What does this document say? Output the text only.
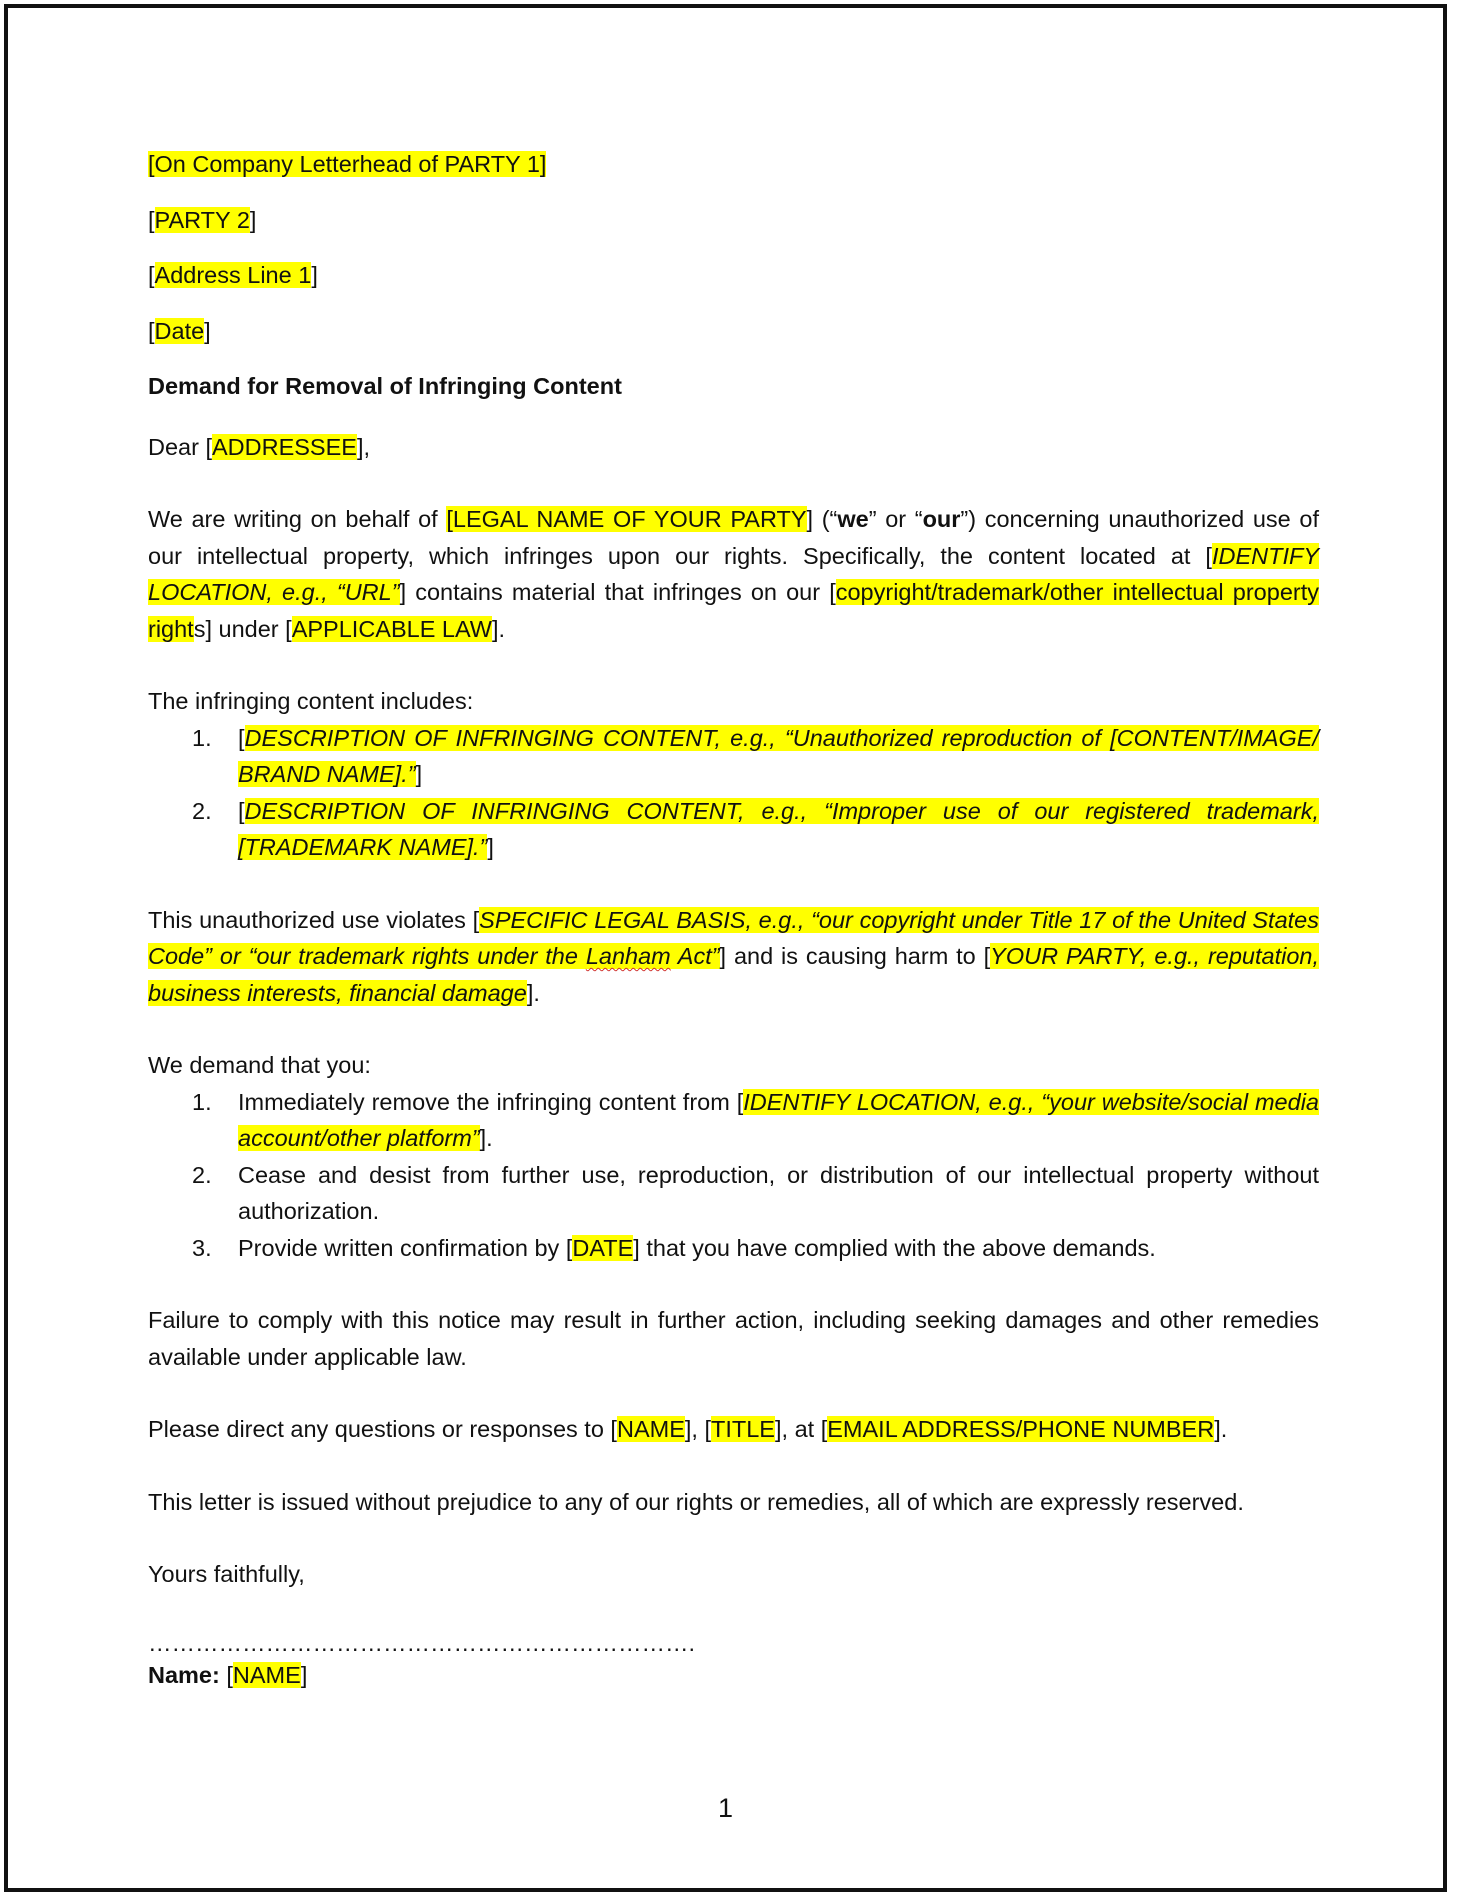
[On Company Letterhead of PARTY 1]

[PARTY 2]

[Address Line 1]

[Date]

Demand for Removal of Infringing Content

Dear [ADDRESSEE],

We are writing on behalf of [LEGAL NAME OF YOUR PARTY] (“we” or “our”) concerning unauthorized use of our intellectual property, which infringes upon our rights. Specifically, the content located at [IDENTIFY LOCATION, e.g., “URL”] contains material that infringes on our [copyright/trademark/other intellectual property rights] under [APPLICABLE LAW].

The infringing content includes:

1. [DESCRIPTION OF INFRINGING CONTENT, e.g., “Unauthorized reproduction of [CONTENT/IMAGE/ BRAND NAME].”]
2. [DESCRIPTION OF INFRINGING CONTENT, e.g., “Improper use of our registered trademark, [TRADEMARK NAME].”]

This unauthorized use violates [SPECIFIC LEGAL BASIS, e.g., “our copyright under Title 17 of the United States Code” or “our trademark rights under the Lanham Act”] and is causing harm to [YOUR PARTY, e.g., reputation, business interests, financial damage].

We demand that you:

1. Immediately remove the infringing content from [IDENTIFY LOCATION, e.g., “your website/social media account/other platform”].
2. Cease and desist from further use, reproduction, or distribution of our intellectual property without authorization.
3. Provide written confirmation by [DATE] that you have complied with the above demands.

Failure to comply with this notice may result in further action, including seeking damages and other remedies available under applicable law.

Please direct any questions or responses to [NAME], [TITLE], at [EMAIL ADDRESS/PHONE NUMBER].

This letter is issued without prejudice to any of our rights or remedies, all of which are expressly reserved.

Yours faithfully,

…………………………………………………………….

Name: [NAME]

1
